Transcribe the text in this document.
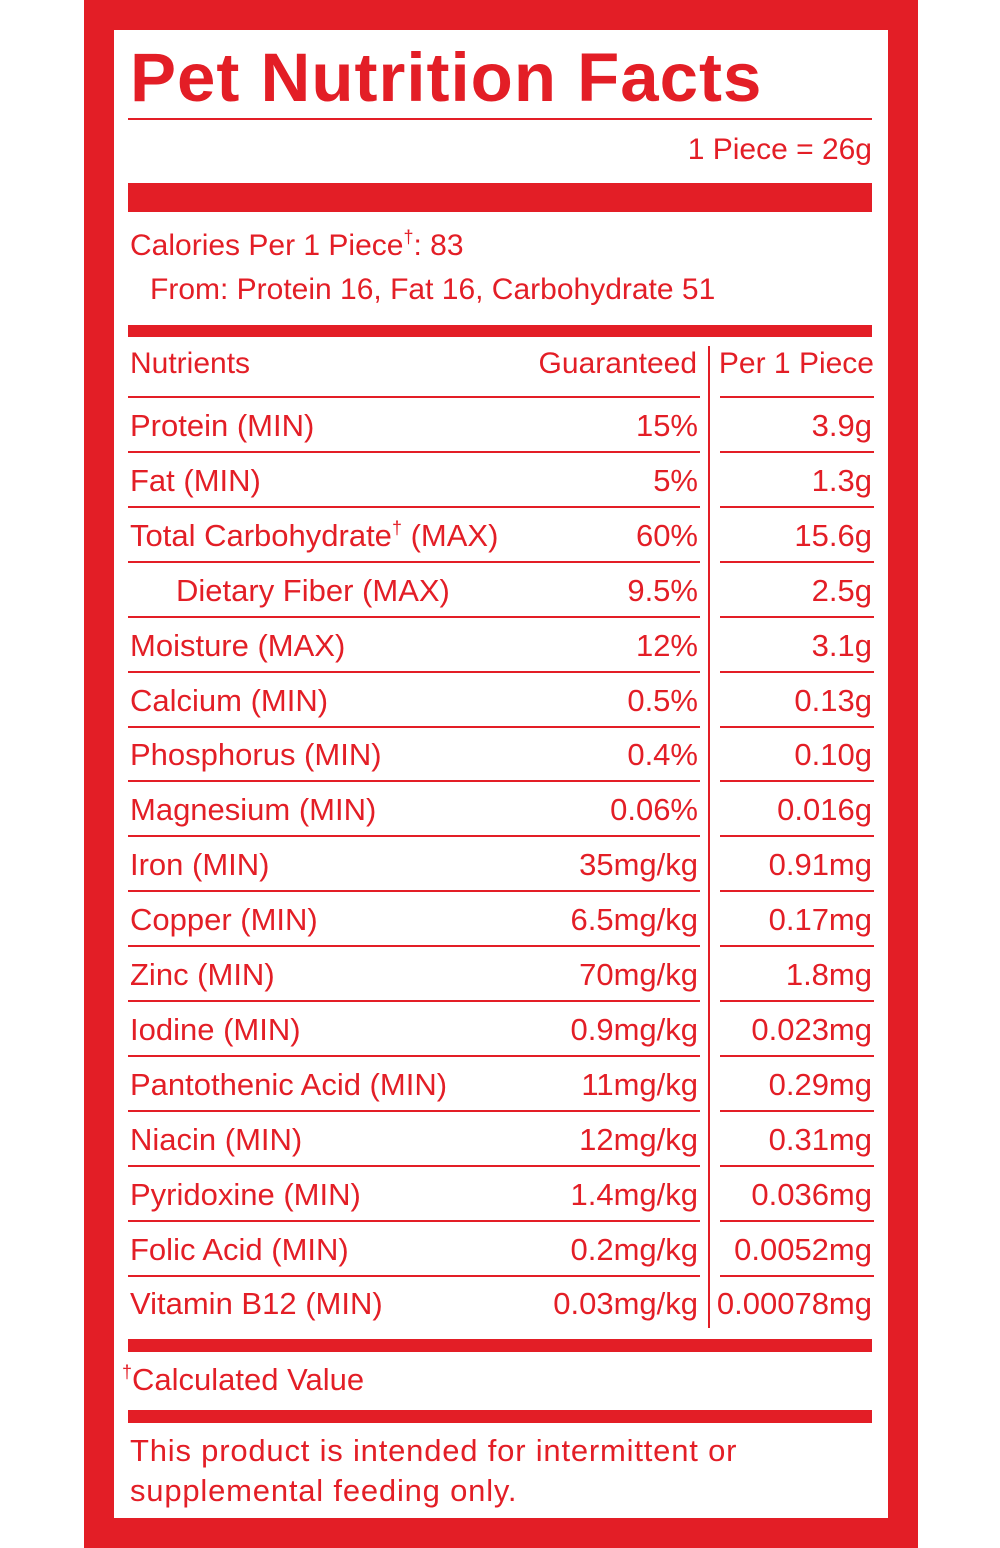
Pet Nutrition Facts
1 Piece = 26g
Calories Per 1 Piece†: 83
From: Protein 16, Fat 16, Carbohydrate 51
Nutrients	Guaranteed Per 1 Piece
Protein (MIN)	15%	3.9g
Fat (MIN)	5%	1.3g
Total Carbohydrate† (MAX)	60%	15.6g
Dietary Fiber (MAX)	9.5%	2.5g
Moisture (MAX)	12%	3.1g
Calcium (MIN)	0.5%	0.13g
Phosphorus (MIN)	0.4%	0.10g
Magnesium (MIN)	0.06%	0.016g
Iron (MIN)	35mg/kg 0.91mg
Copper (MIN)	6.5mg/kg 0.17mg
Zinc (MIN)	70mg/kg	1.8mg
Iodine (MIN)	0.9mg/kg 0.023mg
Pantothenic Acid (MIN)	11mg/kg 0.29mg
Niacin (MIN)	12mg/kg 0.31mg
Pyridoxine (MIN)	1.4mg/kg 0.036mg
Folic Acid (MIN)	0.2mg/kg 0.0052mg
Vitamin B12 (MIN)	0.03mg/kg 0.00078mg
†Calculated Value
This product is intended for intermittent or supplemental feeding only.
